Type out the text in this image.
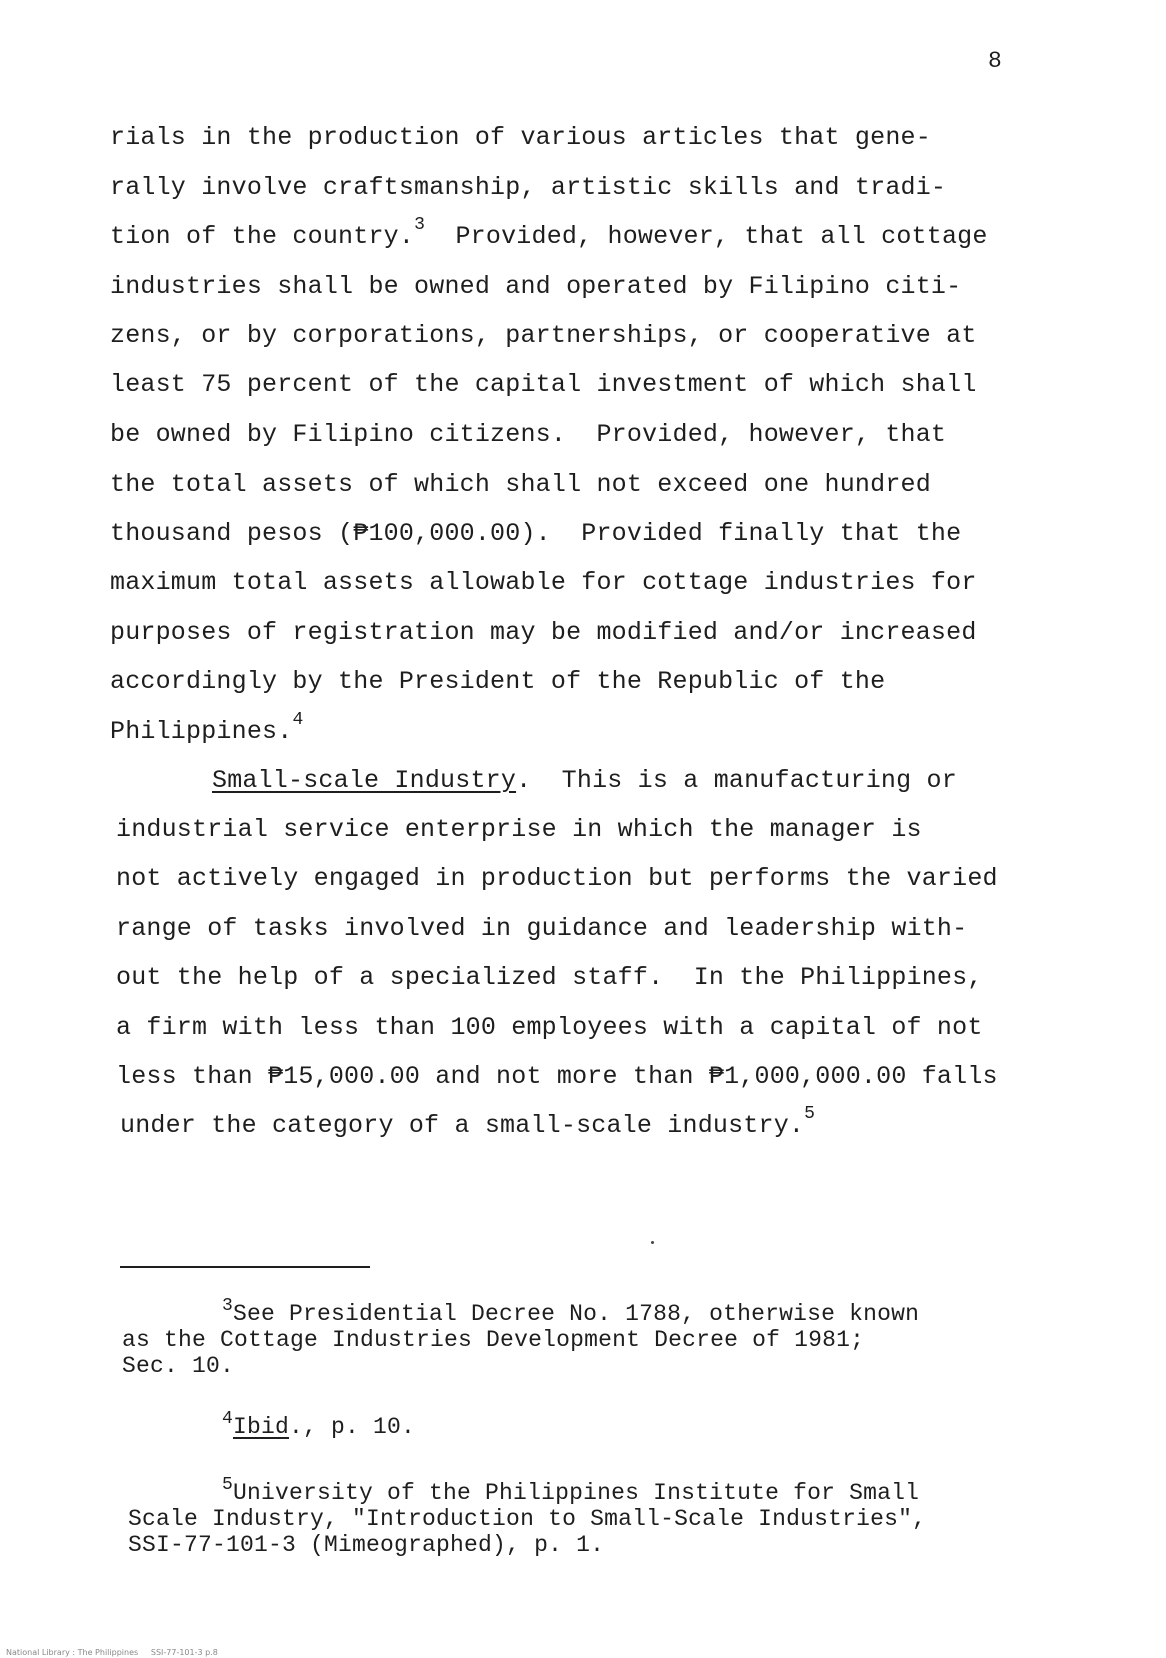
8
rials in the production of various articles that gene-
rally involve craftsmanship, artistic skills and tradi-
tion of the country.$^3$  Provided, however, that all cottage
industries shall be owned and operated by Filipino citi-
zens, or by corporations, partnerships, or cooperative at
least 75 percent of the capital investment of which shall
be owned by Filipino citizens.  Provided, however, that
the total assets of which shall not exceed one hundred
thousand pesos (₱100,000.00).  Provided finally that the
maximum total assets allowable for cottage industries for
purposes of registration may be modified and/or increased
accordingly by the President of the Republic of the
Philippines.$^4$
Small-scale Industry.  This is a manufacturing or
industrial service enterprise in which the manager is
not actively engaged in production but performs the varied
range of tasks involved in guidance and leadership with-
out the help of a specialized staff.  In the Philippines,
a firm with less than 100 employees with a capital of not
less than ₱15,000.00 and not more than ₱1,000,000.00 falls
under the category of a small-scale industry.$^5$
$^3$See Presidential Decree No. 1788, otherwise known
as the Cottage Industries Development Decree of 1981;
Sec. 10.
$^4$Ibid., p. 10.
$^5$University of the Philippines Institute for Small
Scale Industry, "Introduction to Small-Scale Industries",
SSI-77-101-3 (Mimeographed), p. 1.
National Library : The Philippines     SSI-77-101-3 p.8
